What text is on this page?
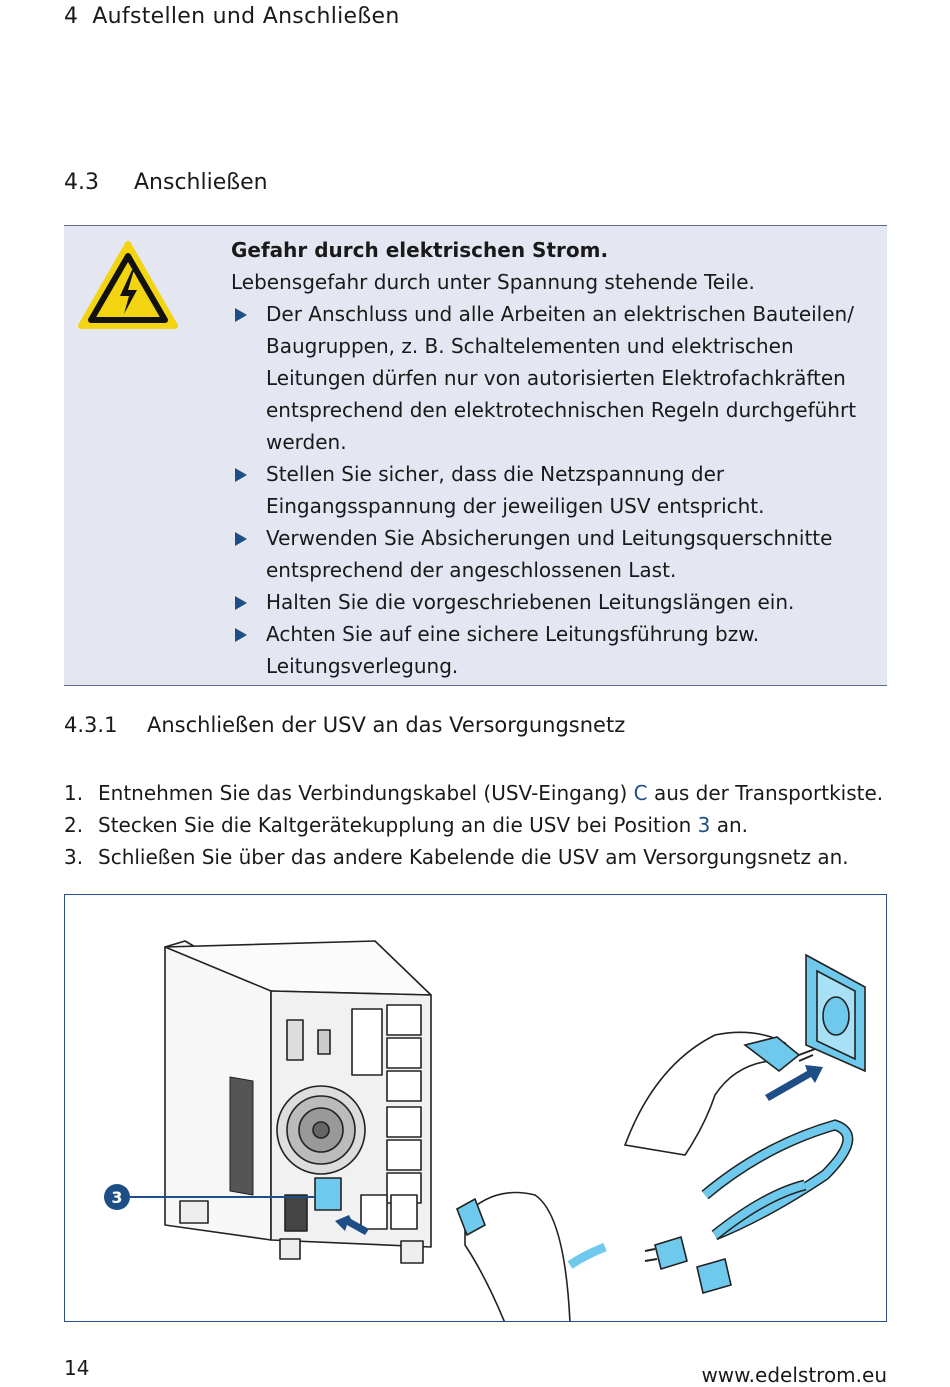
4 Aufstellen und Anschließen
4.3 Anschließen
Gefahr durch elektrischen Strom.
Lebensgefahr durch unter Spannung stehende Teile.
Der Anschluss und alle Arbeiten an elektrischen Bauteilen/
Baugruppen, z. B. Schaltelementen und elektrischen
Leitungen dürfen nur von autorisierten Elektrofachkräften
entsprechend den elektrotechnischen Regeln durchgeführt
werden.
Stellen Sie sicher, dass die Netzspannung der
Eingangsspannung der jeweiligen USV entspricht.
Verwenden Sie Absicherungen und Leitungsquerschnitte
entsprechend der angeschlossenen Last.
Halten Sie die vorgeschriebenen Leitungslängen ein.
Achten Sie auf eine sichere Leitungsführung bzw.
Leitungsverlegung.
4.3.1 Anschließen der USV an das Versorgungsnetz
1. Entnehmen Sie das Verbindungskabel (USV-Eingang) C aus der Transportkiste.
2. Stecken Sie die Kaltgerätekupplung an die USV bei Position 3 an.
3. Schließen Sie über das andere Kabelende die USV am Versorgungsnetz an.
3
14	www.edelstrom.eu
